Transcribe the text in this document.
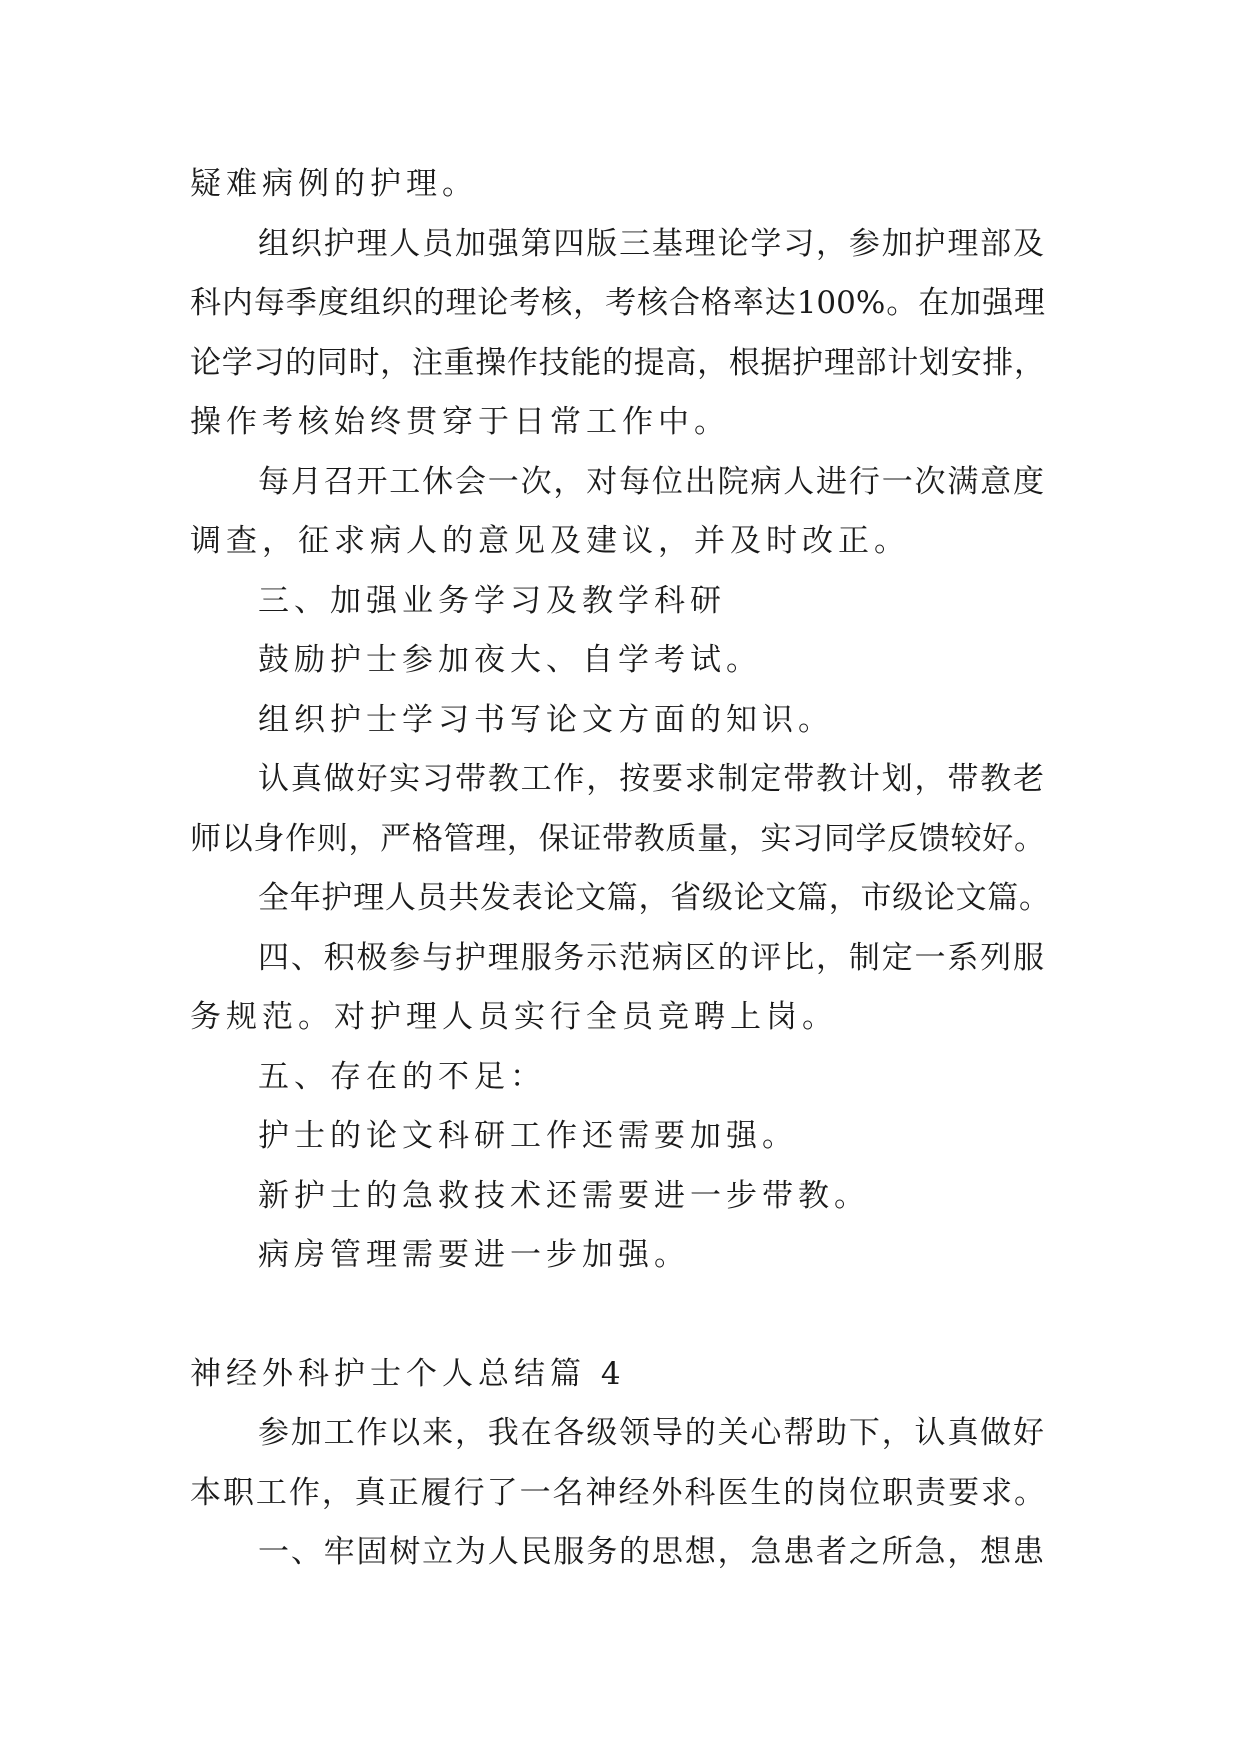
疑难病例的护理。
组织护理人员加强第四版三基理论学习，参加护理部及
科内每季度组织的理论考核，考核合格率达100%。在加强理
论学习的同时，注重操作技能的提高，根据护理部计划安排，
操作考核始终贯穿于日常工作中。
每月召开工休会一次，对每位出院病人进行一次满意度
调查，征求病人的意见及建议，并及时改正。
三、加强业务学习及教学科研
鼓励护士参加夜大、自学考试。
组织护士学习书写论文方面的知识。
认真做好实习带教工作，按要求制定带教计划，带教老
师以身作则，严格管理，保证带教质量，实习同学反馈较好。
全年护理人员共发表论文篇，省级论文篇，市级论文篇。
四、积极参与护理服务示范病区的评比，制定一系列服
务规范。对护理人员实行全员竞聘上岗。
五、存在的不足：
护士的论文科研工作还需要加强。
新护士的急救技术还需要进一步带教。
病房管理需要进一步加强。
神经外科护士个人总结篇 4
参加工作以来，我在各级领导的关心帮助下，认真做好
本职工作，真正履行了一名神经外科医生的岗位职责要求。
一、牢固树立为人民服务的思想，急患者之所急，想患
